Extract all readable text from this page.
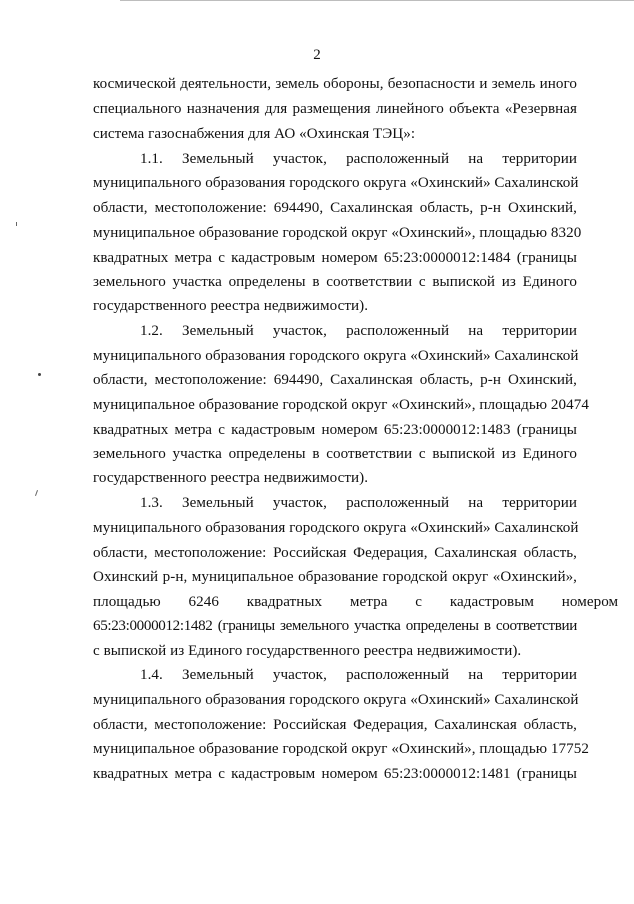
2
космической деятельности, земель обороны, безопасности и земель иного
специального назначения для размещения линейного объекта «Резервная
система газоснабжения для АО «Охинская ТЭЦ»:
1.1. Земельный участок, расположенный на территории
муниципального образования городского округа «Охинский» Сахалинской
области, местоположение: 694490, Сахалинская область, р-н Охинский,
муниципальное образование городской округ «Охинский», площадью 8320
квадратных метра с кадастровым номером 65:23:0000012:1484 (границы
земельного участка определены в соответствии с выпиской из Единого
государственного реестра недвижимости).
1.2. Земельный участок, расположенный на территории
муниципального образования городского округа «Охинский» Сахалинской
области, местоположение: 694490, Сахалинская область, р-н Охинский,
муниципальное образование городской округ «Охинский», площадью 20474
квадратных метра с кадастровым номером 65:23:0000012:1483 (границы
земельного участка определены в соответствии с выпиской из Единого
государственного реестра недвижимости).
1.3. Земельный участок, расположенный на территории
муниципального образования городского округа «Охинский» Сахалинской
области, местоположение: Российская Федерация, Сахалинская область,
Охинский р-н, муниципальное образование городской округ «Охинский»,
площадью 6246 квадратных метра с кадастровым номером
65:23:0000012:1482 (границы земельного участка определены в соответствии
с выпиской из Единого государственного реестра недвижимости).
1.4. Земельный участок, расположенный на территории
муниципального образования городского округа «Охинский» Сахалинской
области, местоположение: Российская Федерация, Сахалинская область,
муниципальное образование городской округ «Охинский», площадью 17752
квадратных метра с кадастровым номером 65:23:0000012:1481 (границы
